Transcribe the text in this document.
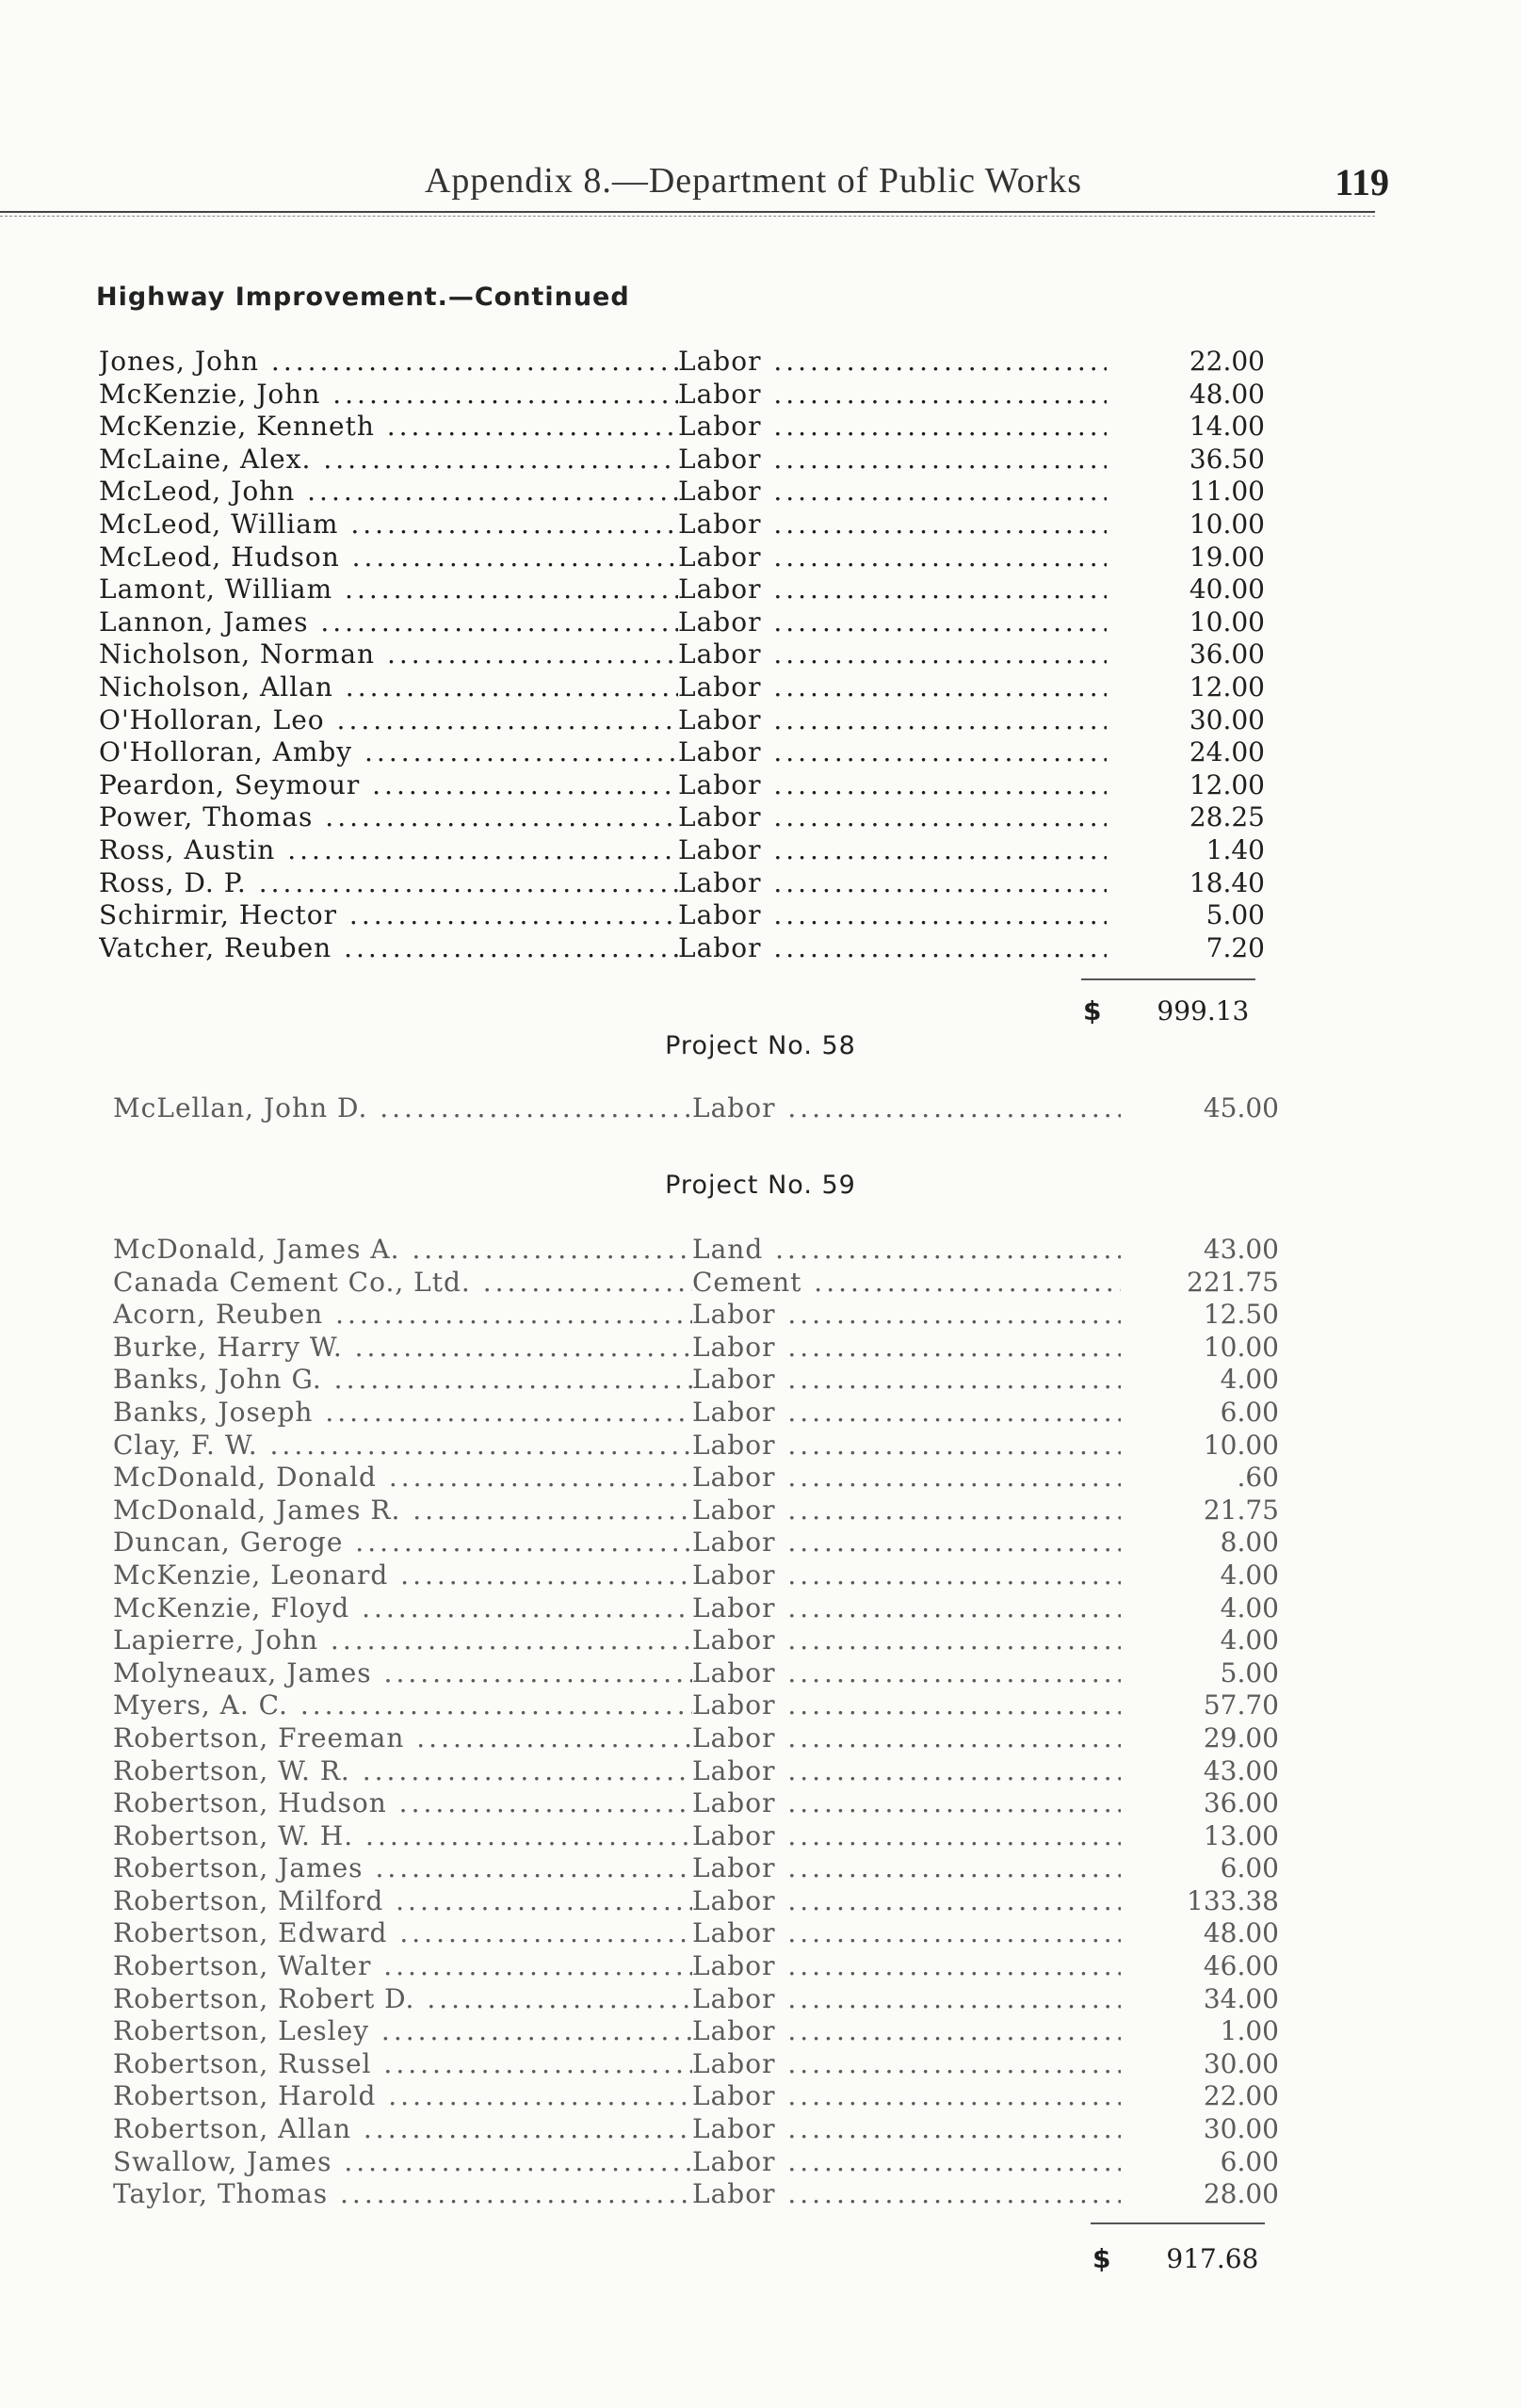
Appendix 8.—Department of Public Works	119
Highway Improvement.—Continued
Jones, John .....	Labor .....	22.00
McKenzie, John .....	Labor .....	48.00
McKenzie, Kenneth .....	Labor .....	14.00
McLaine, Alex. .....	Labor .....	36.50
McLeod, John .....	Labor .....	11.00
McLeod, William .....	Labor .....	10.00
McLeod, Hudson .....	Labor .....	19.00
Lamont, William .....	Labor .....	40.00
Lannon, James .....	Labor .....	10.00
Nicholson, Norman .....	Labor .....	36.00
Nicholson, Allan .....	Labor .....	12.00
O'Holloran, Leo .....	Labor .....	30.00
O'Holloran, Amby .....	Labor .....	24.00
Peardon, Seymour .....	Labor .....	12.00
Power, Thomas .....	Labor .....	28.25
Ross, Austin .....	Labor .....	1.40
Ross, D. P. .....	Labor .....	18.40
Schirmir, Hector .....	Labor .....	5.00
Vatcher, Reuben .....	Labor .....	7.20
$ 999.13
Project No. 58
McLellan, John D. .....	Labor .....	45.00
Project No. 59
McDonald, James A. .....	Land .....	43.00
Canada Cement Co., Ltd. .....	Cement .....	221.75
Acorn, Reuben .....	Labor .....	12.50
Burke, Harry W. .....	Labor .....	10.00
Banks, John G. .....	Labor .....	4.00
Banks, Joseph .....	Labor .....	6.00
Clay, F. W. .....	Labor .....	10.00
McDonald, Donald .....	Labor .....	.60
McDonald, James R. .....	Labor .....	21.75
Duncan, Geroge .....	Labor .....	8.00
McKenzie, Leonard .....	Labor .....	4.00
McKenzie, Floyd .....	Labor .....	4.00
Lapierre, John .....	Labor .....	4.00
Molyneaux, James .....	Labor .....	5.00
Myers, A. C. .....	Labor .....	57.70
Robertson, Freeman .....	Labor .....	29.00
Robertson, W. R. .....	Labor .....	43.00
Robertson, Hudson .....	Labor .....	36.00
Robertson, W. H. .....	Labor .....	13.00
Robertson, James .....	Labor .....	6.00
Robertson, Milford .....	Labor .....	133.38
Robertson, Edward .....	Labor .....	48.00
Robertson, Walter .....	Labor .....	46.00
Robertson, Robert D. .....	Labor .....	34.00
Robertson, Lesley .....	Labor .....	1.00
Robertson, Russel .....	Labor .....	30.00
Robertson, Harold .....	Labor .....	22.00
Robertson, Allan .....	Labor .....	30.00
Swallow, James .....	Labor .....	6.00
Taylor, Thomas .....	Labor .....	28.00
$ 917.68
